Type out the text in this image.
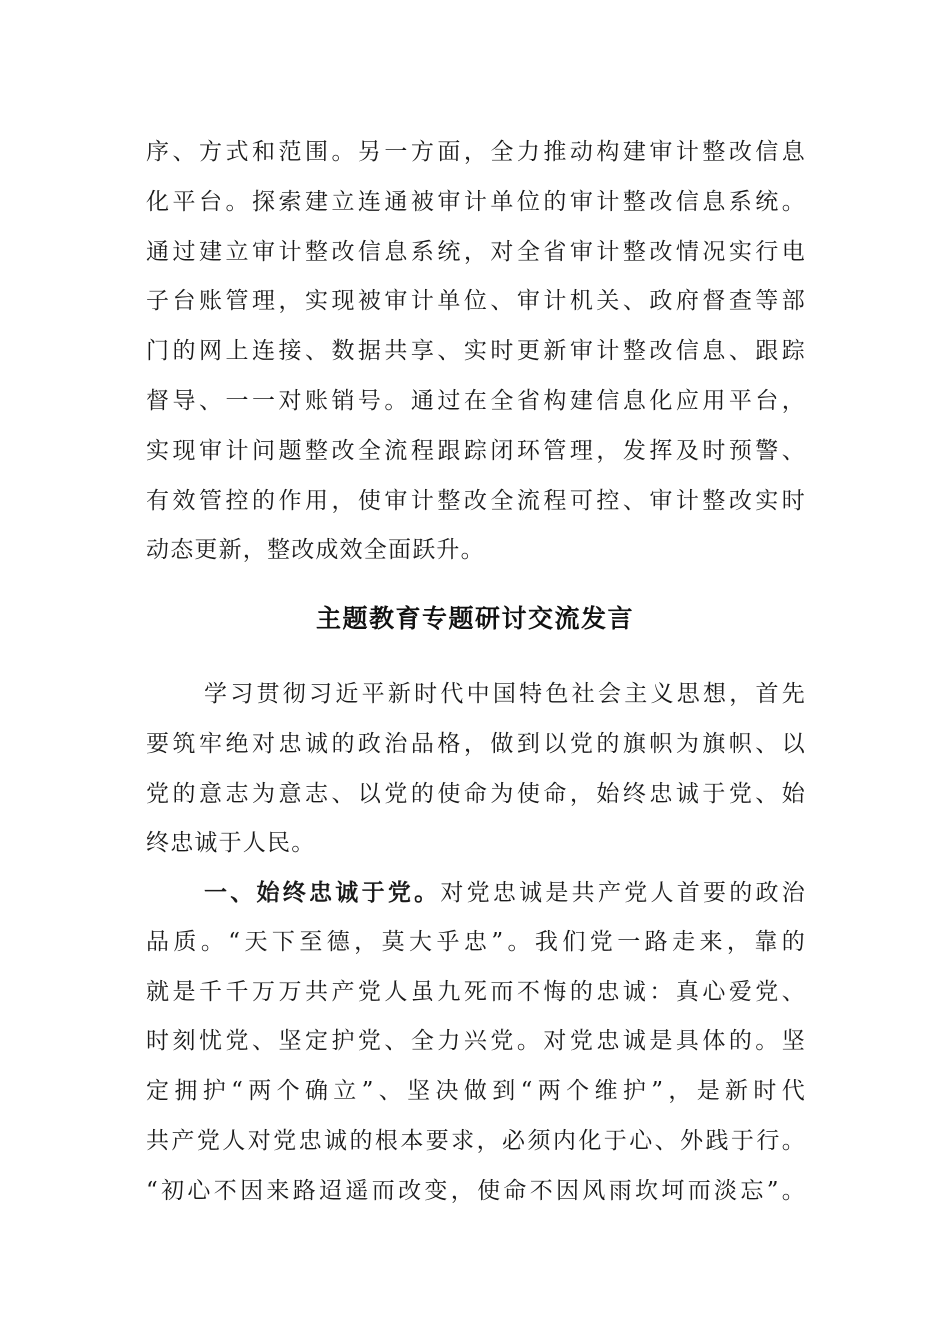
序、方式和范围。另一方面，全力推动构建审计整改信息
化平台。探索建立连通被审计单位的审计整改信息系统。
通过建立审计整改信息系统，对全省审计整改情况实行电
子台账管理，实现被审计单位、审计机关、政府督查等部
门的网上连接、数据共享、实时更新审计整改信息、跟踪
督导、一一对账销号。通过在全省构建信息化应用平台，
实现审计问题整改全流程跟踪闭环管理，发挥及时预警、
有效管控的作用，使审计整改全流程可控、审计整改实时
动态更新，整改成效全面跃升。
主题教育专题研讨交流发言
学习贯彻习近平新时代中国特色社会主义思想，首先
要筑牢绝对忠诚的政治品格，做到以党的旗帜为旗帜、以
党的意志为意志、以党的使命为使命，始终忠诚于党、始
终忠诚于人民。
一、始终忠诚于党。对党忠诚是共产党人首要的政治
品质。“天下至德，莫大乎忠”。我们党一路走来，靠的
就是千千万万共产党人虽九死而不悔的忠诚：真心爱党、
时刻忧党、坚定护党、全力兴党。对党忠诚是具体的。坚
定拥护“两个确立”、坚决做到“两个维护”，是新时代
共产党人对党忠诚的根本要求，必须内化于心、外践于行。
“初心不因来路迢遥而改变，使命不因风雨坎坷而淡忘”。
